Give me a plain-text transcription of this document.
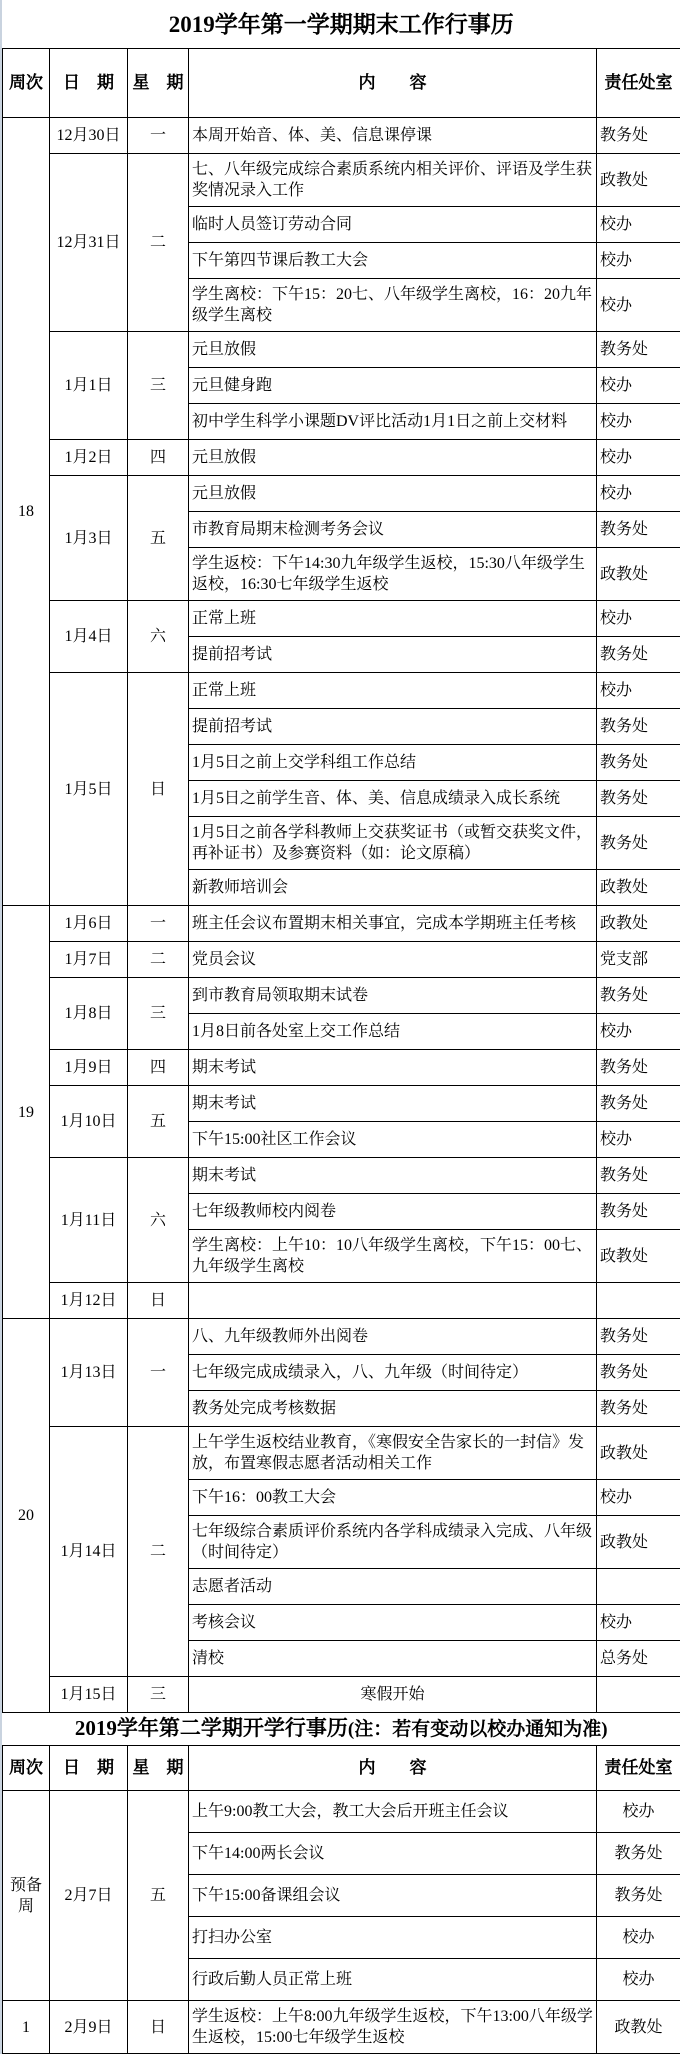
2019学年第一学期期末工作行事历				
周次	日　期	星　期	内　　容	责任处室
18	12月30日	一	本周开始音、体、美、信息课停课	教务处
	12月31日	二	七、八年级完成综合素质系统内相关评价、评语及学生获奖情况录入工作	政教处
			临时人员签订劳动合同	校办
			下午第四节课后教工大会	校办
			学生离校：下午15：20七、八年级学生离校，16：20九年级学生离校	校办
	1月1日	三	元旦放假	教务处
			元旦健身跑	校办
			初中学生科学小课题DV评比活动1月1日之前上交材料	校办
	1月2日	四	元旦放假	校办
	1月3日	五	元旦放假	校办
			市教育局期末检测考务会议	教务处
			学生返校：下午14:30九年级学生返校，15:30八年级学生返校，16:30七年级学生返校	政教处
	1月4日	六	正常上班	校办
			提前招考试	教务处
	1月5日	日	正常上班	校办
			提前招考试	教务处
			1月5日之前上交学科组工作总结	教务处
			1月5日之前学生音、体、美、信息成绩录入成长系统	教务处
			1月5日之前各学科教师上交获奖证书（或暂交获奖文件，再补证书）及参赛资料（如：论文原稿）	教务处
			新教师培训会	政教处
19	1月6日	一	班主任会议布置期末相关事宜，完成本学期班主任考核	政教处
	1月7日	二	党员会议	党支部
	1月8日	三	到市教育局领取期末试卷	教务处
			1月8日前各处室上交工作总结	校办
	1月9日	四	期末考试	教务处
	1月10日	五	期末考试	教务处
			下午15:00社区工作会议	校办
	1月11日	六	期末考试	教务处
			七年级教师校内阅卷	教务处
			学生离校：上午10：10八年级学生离校，下午15：00七、九年级学生离校	政教处
	1月12日	日		
20	1月13日	一	八、九年级教师外出阅卷	教务处
			七年级完成成绩录入，八、九年级（时间待定）	教务处
			教务处完成考核数据	教务处
	1月14日	二	上午学生返校结业教育，《寒假安全告家长的一封信》发放，布置寒假志愿者活动相关工作	政教处
			下午16：00教工大会	校办
			七年级综合素质评价系统内各学科成绩录入完成、八年级（时间待定）	政教处
			志愿者活动	
			考核会议	校办
			清校	总务处
	1月15日	三	寒假开始	
2019学年第二学期开学行事历(注：若有变动以校办通知为准)				
周次	日　期	星　期	内　　容	责任处室
预备周	2月7日	五	上午9:00教工大会，教工大会后开班主任会议	校办
			下午14:00两长会议	教务处
			下午15:00备课组会议	教务处
			打扫办公室	校办
			行政后勤人员正常上班	校办
1	2月9日	日	学生返校：上午8:00九年级学生返校，下午13:00八年级学生返校，15:00七年级学生返校	政教处
